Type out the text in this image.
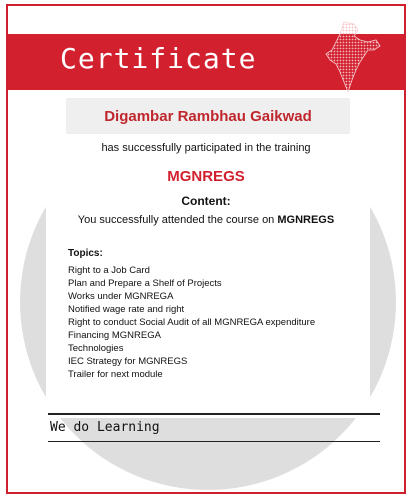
Certificate
Digambar Rambhau Gaikwad
has successfully participated in the training
MGNREGS
Content:
You successfully attended the course on MGNREGS
Topics:
Right to a Job Card
Plan and Prepare a Shelf of Projects
Works under MGNREGA
Notified wage rate and right
Right to conduct Social Audit of all MGNREGA expenditure
Financing MGNREGA
Technologies
IEC Strategy for MGNREGS
Trailer for next module
We do Learning
